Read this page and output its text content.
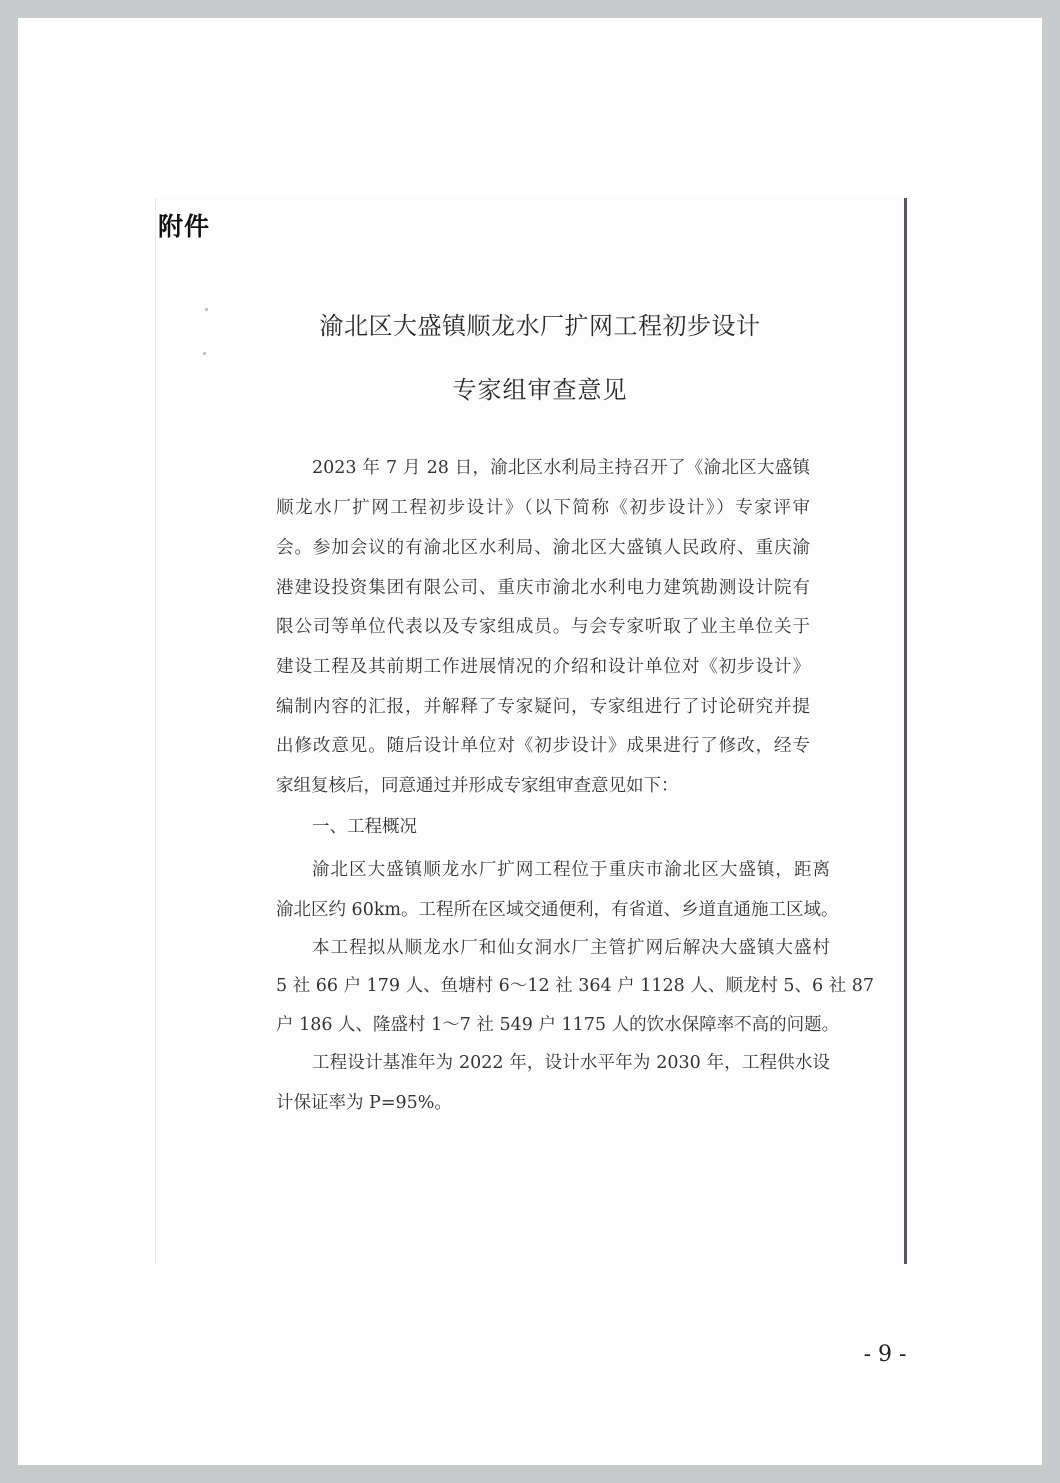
附件
渝北区大盛镇顺龙水厂扩网工程初步设计
专家组审查意见
2023 年 7 月 28 日，渝北区水利局主持召开了《渝北区大盛镇
顺龙水厂扩网工程初步设计》（以下简称《初步设计》）专家评审
会。参加会议的有渝北区水利局、渝北区大盛镇人民政府、重庆渝
港建设投资集团有限公司、重庆市渝北水利电力建筑勘测设计院有
限公司等单位代表以及专家组成员。与会专家听取了业主单位关于
建设工程及其前期工作进展情况的介绍和设计单位对《初步设计》
编制内容的汇报，并解释了专家疑问，专家组进行了讨论研究并提
出修改意见。随后设计单位对《初步设计》成果进行了修改，经专
家组复核后，同意通过并形成专家组审查意见如下：
一、工程概况
渝北区大盛镇顺龙水厂扩网工程位于重庆市渝北区大盛镇，距离
渝北区约 60km。工程所在区域交通便利，有省道、乡道直通施工区域。
本工程拟从顺龙水厂和仙女洞水厂主管扩网后解决大盛镇大盛村
5 社 66 户 179 人、鱼塘村 6～12 社 364 户 1128 人、顺龙村 5、6 社 87
户 186 人、隆盛村 1～7 社 549 户 1175 人的饮水保障率不高的问题。
工程设计基准年为 2022 年，设计水平年为 2030 年，工程供水设
计保证率为 P=95%。
- 9 -
